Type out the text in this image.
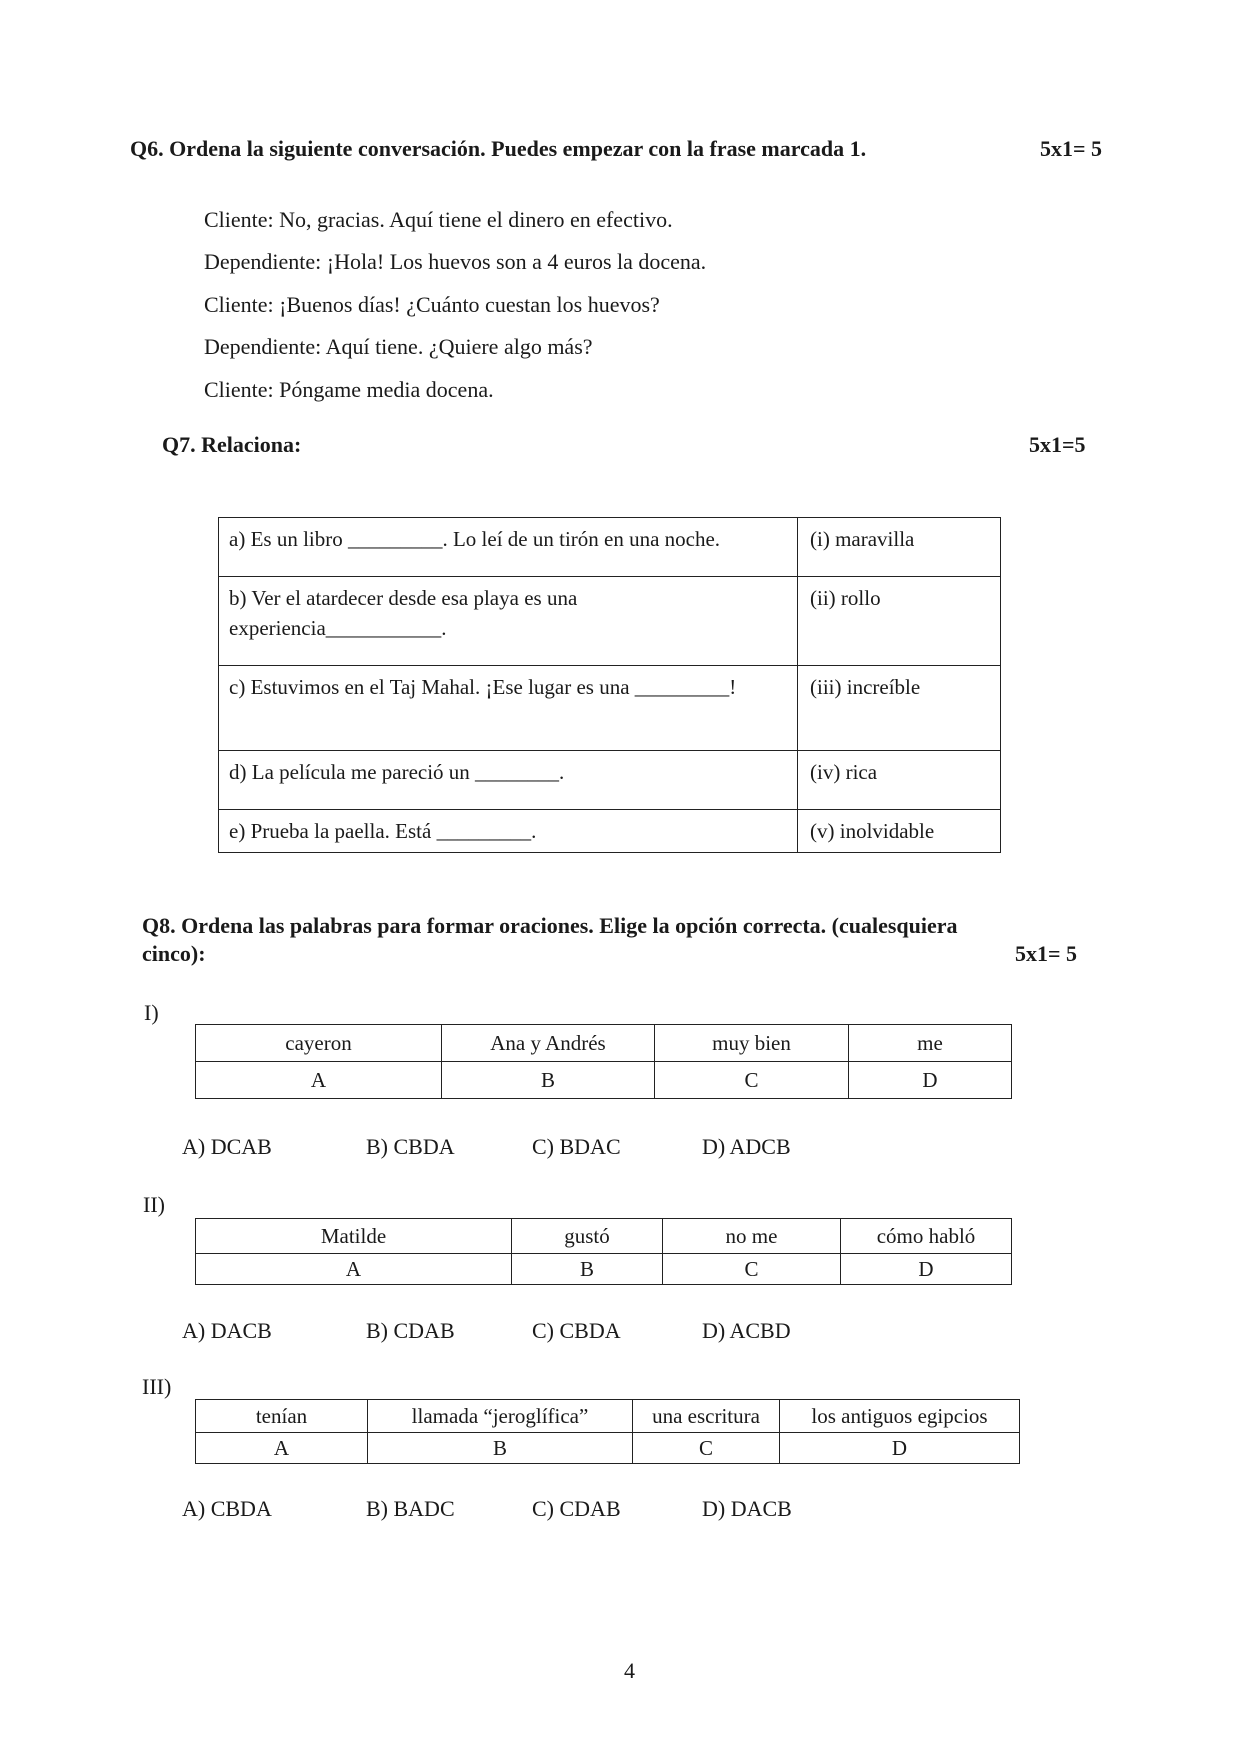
Q6. Ordena la siguiente conversación. Puedes empezar con la frase marcada 1.	5x1= 5
Cliente: No, gracias. Aquí tiene el dinero en efectivo.
Dependiente: ¡Hola! Los huevos son a 4 euros la docena.
Cliente: ¡Buenos días! ¿Cuánto cuestan los huevos?
Dependiente: Aquí tiene. ¿Quiere algo más?
Cliente: Póngame media docena.
Q7. Relaciona:	5x1=5
a) Es un libro _________. Lo leí de un tirón en una noche.	(i) maravilla
b) Ver el atardecer desde esa playa es una experiencia___________.	(ii) rollo
c) Estuvimos en el Taj Mahal. ¡Ese lugar es una _________!	(iii) increíble
d) La película me pareció un ________.	(iv) rica
e) Prueba la paella. Está _________.	(v) inolvidable
Q8. Ordena las palabras para formar oraciones. Elige la opción correcta. (cualesquiera
cinco):	5x1= 5
I)
cayeron	Ana y Andrés	muy bien	me
A	B	C	D
A) DCAB	B) CBDA	C) BDAC	D) ADCB
II)
Matilde	gustó	no me	cómo habló
A	B	C	D
A) DACB	B) CDAB	C) CBDA	D) ACBD
III)
tenían	llamada “jeroglífica”	una escritura	los antiguos egipcios
A	B	C	D
A) CBDA	B) BADC	C) CDAB	D) DACB
4
